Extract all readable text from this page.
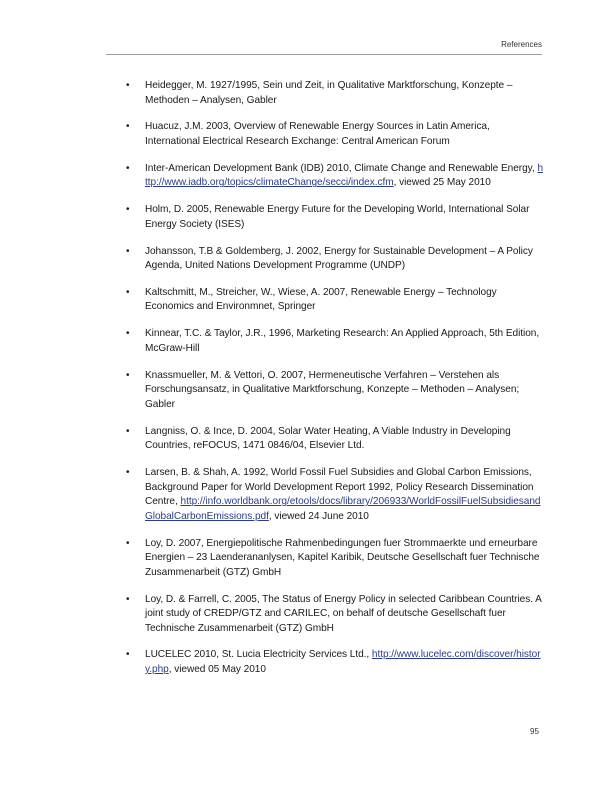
References
• Heidegger, M. 1927/1995, Sein und Zeit, in Qualitative Marktforschung, Konzepte – Methoden – Analysen, Gabler
• Huacuz, J.M. 2003, Overview of Renewable Energy Sources in Latin America, International Electrical Research Exchange: Central American Forum
• Inter-American Development Bank (IDB) 2010, Climate Change and Renewable Energy, http://www.iadb.org/topics/climateChange/secci/index.cfm, viewed 25 May 2010
• Holm, D. 2005, Renewable Energy Future for the Developing World, International Solar Energy Society (ISES)
• Johansson, T.B & Goldemberg, J. 2002, Energy for Sustainable Development – A Policy Agenda, United Nations Development Programme (UNDP)
• Kaltschmitt, M., Streicher, W., Wiese, A. 2007, Renewable Energy – Technology Economics and Environmnet, Springer
• Kinnear, T.C. & Taylor, J.R., 1996, Marketing Research: An Applied Approach, 5th Edition, McGraw-Hill
• Knassmueller, M. & Vettori, O. 2007, Hermeneutische Verfahren – Verstehen als Forschungsansatz, in Qualitative Marktforschung, Konzepte – Methoden – Analysen; Gabler
• Langniss, O. & Ince, D. 2004, Solar Water Heating, A Viable Industry in Developing Countries, reFOCUS, 1471 0846/04, Elsevier Ltd.
• Larsen, B. & Shah, A. 1992, World Fossil Fuel Subsidies and Global Carbon Emissions, Background Paper for World Development Report 1992, Policy Research Dissemination Centre, http://info.worldbank.org/etools/docs/library/206933/WorldFossilFuelSubsidiesandGlobalCarbonEmissions.pdf, viewed 24 June 2010
• Loy, D. 2007, Energiepolitische Rahmenbedingungen fuer Strommaerkte und erneurbare Energien – 23 Laenderananlysen, Kapitel Karibik, Deutsche Gesellschaft fuer Technische Zusammenarbeit (GTZ) GmbH
• Loy, D. & Farrell, C. 2005, The Status of Energy Policy in selected Caribbean Countries. A joint study of CREDP/GTZ and CARILEC, on behalf of deutsche Gesellschaft fuer Technische Zusammenarbeit (GTZ) GmbH
• LUCELEC 2010, St. Lucia Electricity Services Ltd., http://www.lucelec.com/discover/history.php, viewed 05 May 2010
95
